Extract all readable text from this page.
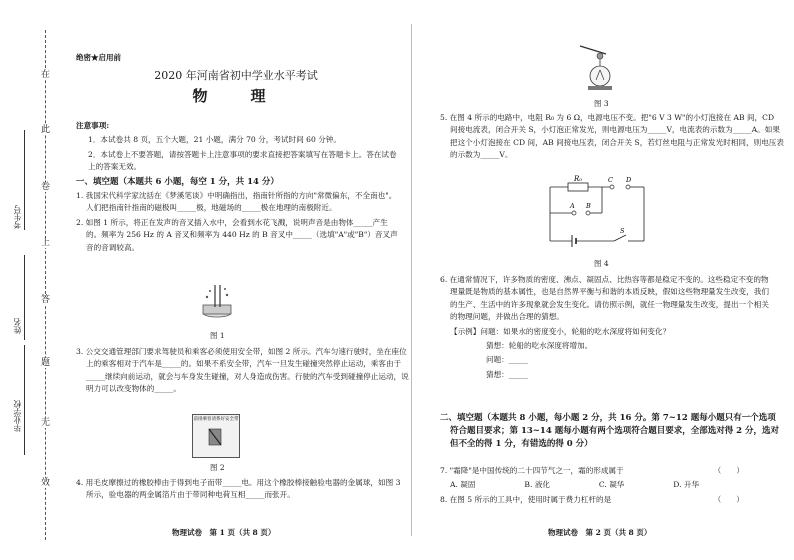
在
此
卷
上
答
题
无
效
考生号
姓名
毕业学校
绝密★启用前
2020 年河南省初中学业水平考试
物　理
注意事项:
1．本试卷共 8 页，五个大题，21 小题，满分 70 分，考试时间 60 分钟。
2．本试卷上不要答题，请按答题卡上注意事项的要求直接把答案填写在答题卡上。答在试卷上的答案无效。
一、填空题（本题共 6 小题，每空 1 分，共 14 分）
1. 我国宋代科学家沈括在《梦溪笔谈》中明确指出，指南针所指的方向"常微偏东，不全南也"。人们把指南针指南的磁极叫_____极，地磁场的_____极在地理的南极附近。
2. 如图 1 所示，将正在发声的音叉插入水中，会看到水花飞溅，说明声音是由物体_____产生的。频率为 256 Hz 的 A 音叉和频率为 440 Hz 的 B 音叉中_____（选填"A"或"B"）音叉声音的音调较高。
图 1
3. 公交交通管理部门要求驾驶员和乘客必须使用安全带，如图 2 所示。汽车匀速行驶时，坐在座位上的乘客相对于汽车是_____的。如果不系安全带，汽车一旦发生碰撞突然停止运动，乘客由于_____继续向前运动，就会与车身发生碰撞，对人身造成伤害。行驶的汽车受到碰撞停止运动，说明力可以改变物体的_____。
前排乘客请系好安全带
图 2
4. 用毛皮摩擦过的橡胶棒由于得到电子而带_____电。用这个橡胶棒接触验电器的金属球，如图 3 所示，验电器的两金属箔片由于带同种电荷互相_____而张开。
物理试卷　第 1 页（共 8 页）
图 3
5. 在图 4 所示的电路中，电阻 R₀ 为 6 Ω，电源电压不变。把"6 V 3 W"的小灯泡接在 AB 间，CD 间接电流表，闭合开关 S，小灯泡正常发光，则电源电压为_____V，电流表的示数为_____A。如果把这个小灯泡接在 CD 间，AB 间接电压表，闭合开关 S，若灯丝电阻与正常发光时相同，则电压表的示数为_____V。
R₀	C D
A B
S
图 4
6. 在通常情况下，许多物质的密度、沸点、凝固点、比热容等都是稳定不变的。这些稳定不变的物理量既是物质的基本属性，也是自然界平衡与和谐的本质反映，假如这些物理量发生改变，我们的生产、生活中的许多现象就会发生变化。请仿照示例，就任一物理量发生改变，提出一个相关的物理问题，并做出合理的猜想。
【示例】问题：如果水的密度变小，轮船的吃水深度将如何变化？
猜想：轮船的吃水深度将增加。
问题：_____
猜想：_____
二、填空题（本题共 8 小题，每小题 2 分，共 16 分。第 7~12 题每小题只有一个选项符合题目要求；第 13~14 题每小题有两个选项符合题目要求，全部选对得 2 分，选对但不全的得 1 分，有错选的得 0 分）
7. "霜降"是中国传统的二十四节气之一，霜的形成属于	（　　）
A. 凝固	B. 液化	C. 凝华	D. 升华
8. 在图 5 所示的工具中，使用时属于费力杠杆的是	（　　）
物理试卷　第 2 页（共 8 页）
